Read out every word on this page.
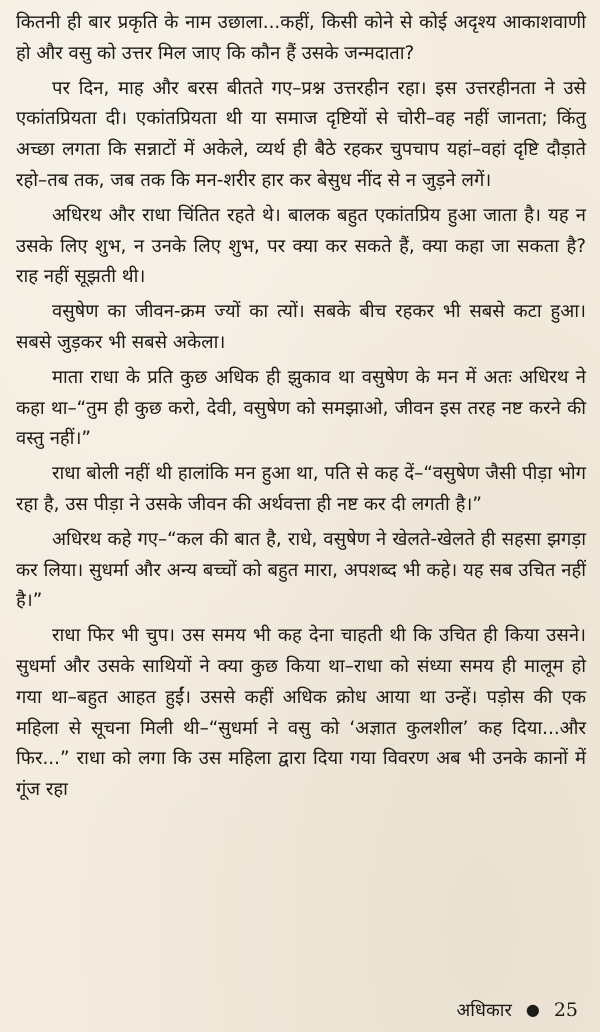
कितनी ही बार प्रकृति के नाम उछाला...कहीं, किसी कोने से कोई अदृश्य आकाशवाणी हो और वसु को उत्तर मिल जाए कि कौन हैं उसके जन्मदाता?

पर दिन, माह और बरस बीतते गए–प्रश्न उत्तरहीन रहा। इस उत्तरहीनता ने उसे एकांतप्रियता दी। एकांतप्रियता थी या समाज दृष्टियों से चोरी–वह नहीं जानता; किंतु अच्छा लगता कि सन्नाटों में अकेले, व्यर्थ ही बैठे रहकर चुपचाप यहां–वहां दृष्टि दौड़ाते रहो–तब तक, जब तक कि मन-शरीर हार कर बेसुध नींद से न जुड़ने लगें।

अधिरथ और राधा चिंतित रहते थे। बालक बहुत एकांतप्रिय हुआ जाता है। यह न उसके लिए शुभ, न उनके लिए शुभ, पर क्या कर सकते हैं, क्या कहा जा सकता है? राह नहीं सूझती थी।

वसुषेण का जीवन-क्रम ज्यों का त्यों। सबके बीच रहकर भी सबसे कटा हुआ। सबसे जुड़कर भी सबसे अकेला।

माता राधा के प्रति कुछ अधिक ही झुकाव था वसुषेण के मन में अतः अधिरथ ने कहा था–“तुम ही कुछ करो, देवी, वसुषेण को समझाओ, जीवन इस तरह नष्ट करने की वस्तु नहीं।”

राधा बोली नहीं थी हालांकि मन हुआ था, पति से कह दें–“वसुषेण जैसी पीड़ा भोग रहा है, उस पीड़ा ने उसके जीवन की अर्थवत्ता ही नष्ट कर दी लगती है।”

अधिरथ कहे गए–“कल की बात है, राधे, वसुषेण ने खेलते-खेलते ही सहसा झगड़ा कर लिया। सुधर्मा और अन्य बच्चों को बहुत मारा, अपशब्द भी कहे। यह सब उचित नहीं है।”

राधा फिर भी चुप। उस समय भी कह देना चाहती थी कि उचित ही किया उसने। सुधर्मा और उसके साथियों ने क्या कुछ किया था–राधा को संध्या समय ही मालूम हो गया था–बहुत आहत हुईं। उससे कहीं अधिक क्रोध आया था उन्हें। पड़ोस की एक महिला से सूचना मिली थी–“सुधर्मा ने वसु को ‘अज्ञात कुलशील’ कह दिया...और फिर...” राधा को लगा कि उस महिला द्वारा दिया गया विवरण अब भी उनके कानों में गूंज रहा

अधिकार ● 25
